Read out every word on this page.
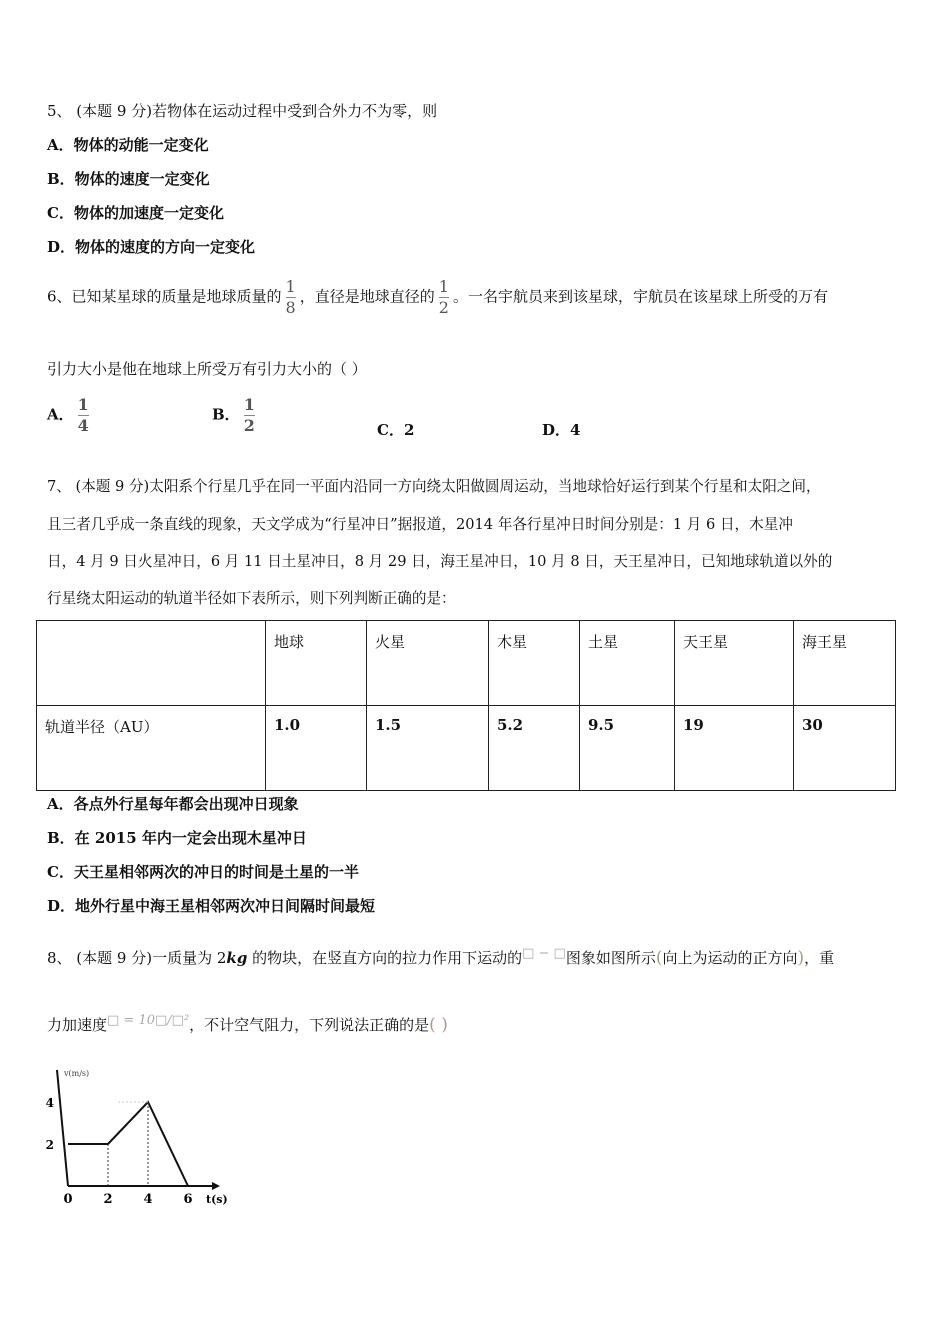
5、 (本题 9 分)若物体在运动过程中受到合外力不为零，则
A．物体的动能一定变化
B．物体的速度一定变化
C．物体的加速度一定变化
D．物体的速度的方向一定变化
6、已知某星球的质量是地球质量的 $\frac{1}{8}$ ，直径是地球直径的 $\frac{1}{2}$ 。一名宇航员来到该星球，宇航员在该星球上所受的万有
引力大小是他在地球上所受万有引力大小的（ ）
A． $\frac{1}{4}$	B． $\frac{1}{2}$	C．2	D．4
7、 (本题 9 分)太阳系个行星几乎在同一平面内沿同一方向绕太阳做圆周运动，当地球恰好运行到某个行星和太阳之间，
且三者几乎成一条直线的现象，天文学成为“行星冲日”据报道，2014 年各行星冲日时间分别是：1 月 6 日，木星冲
日，4 月 9 日火星冲日，6 月 11 日土星冲日，8 月 29 日，海王星冲日，10 月 8 日，天王星冲日，已知地球轨道以外的
行星绕太阳运动的轨道半径如下表所示，则下列判断正确的是：
	地球	火星	木星	土星	天王星	海王星
轨道半径（AU）	1.0	1.5	5.2	9.5	19	30
A．各点外行星每年都会出现冲日现象
B．在 2015 年内一定会出现木星冲日
C．天王星相邻两次的冲日的时间是土星的一半
D．地外行星中海王星相邻两次冲日间隔时间最短
8、 (本题 9 分)一质量为 2kg 的物块，在竖直方向的拉力作用下运动的□ − □图象如图所示(向上为运动的正方向)，重
力加速度□ = 10□/□²，不计空气阻力，下列说法正确的是( )
v(m/s)
t(s)
2
4
0 2 4 6
